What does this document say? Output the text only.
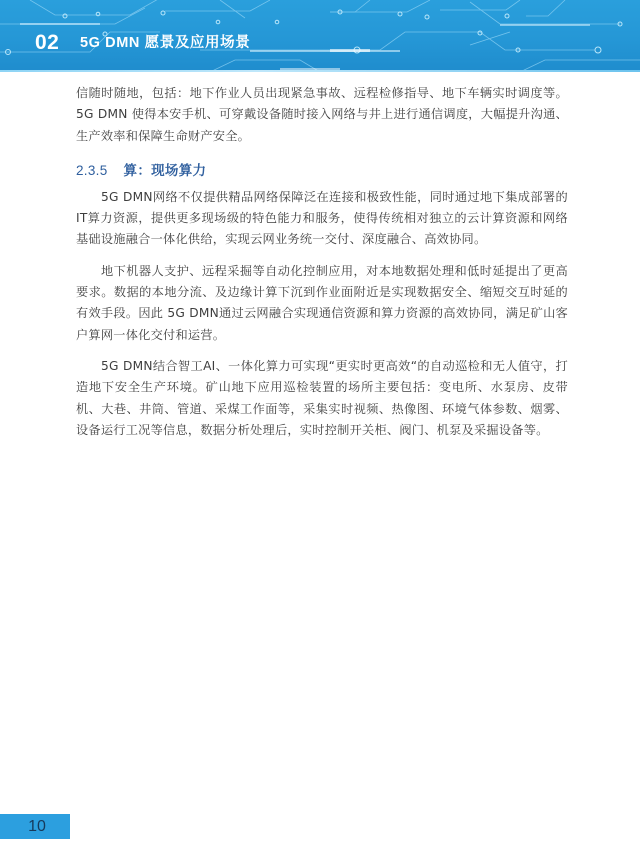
02 5G DMN 愿景及应用场景

信随时随地，包括：地下作业人员出现紧急事故、远程检修指导、地下车辆实时调度等。5G DMN 使得本安手机、可穿戴设备随时接入网络与井上进行通信调度，大幅提升沟通、生产效率和保障生命财产安全。

2.3.5 算：现场算力

5G DMN网络不仅提供精品网络保障泛在连接和极致性能，同时通过地下集成部署的IT算力资源，提供更多现场级的特色能力和服务，使得传统相对独立的云计算资源和网络基础设施融合一体化供给，实现云网业务统一交付、深度融合、高效协同。

地下机器人支护、远程采掘等自动化控制应用，对本地数据处理和低时延提出了更高要求。数据的本地分流、及边缘计算下沉到作业面附近是实现数据安全、缩短交互时延的有效手段。因此 5G DMN通过云网融合实现通信资源和算力资源的高效协同，满足矿山客户算网一体化交付和运营。

5G DMN结合智工AI、一体化算力可实现“更实时更高效“的自动巡检和无人值守，打造地下安全生产环境。矿山地下应用巡检装置的场所主要包括：变电所、水泵房、皮带机、大巷、井筒、管道、采煤工作面等，采集实时视频、热像图、环境气体参数、烟雾、设备运行工况等信息，数据分析处理后，实时控制开关柜、阀门、机泵及采掘设备等。

10
